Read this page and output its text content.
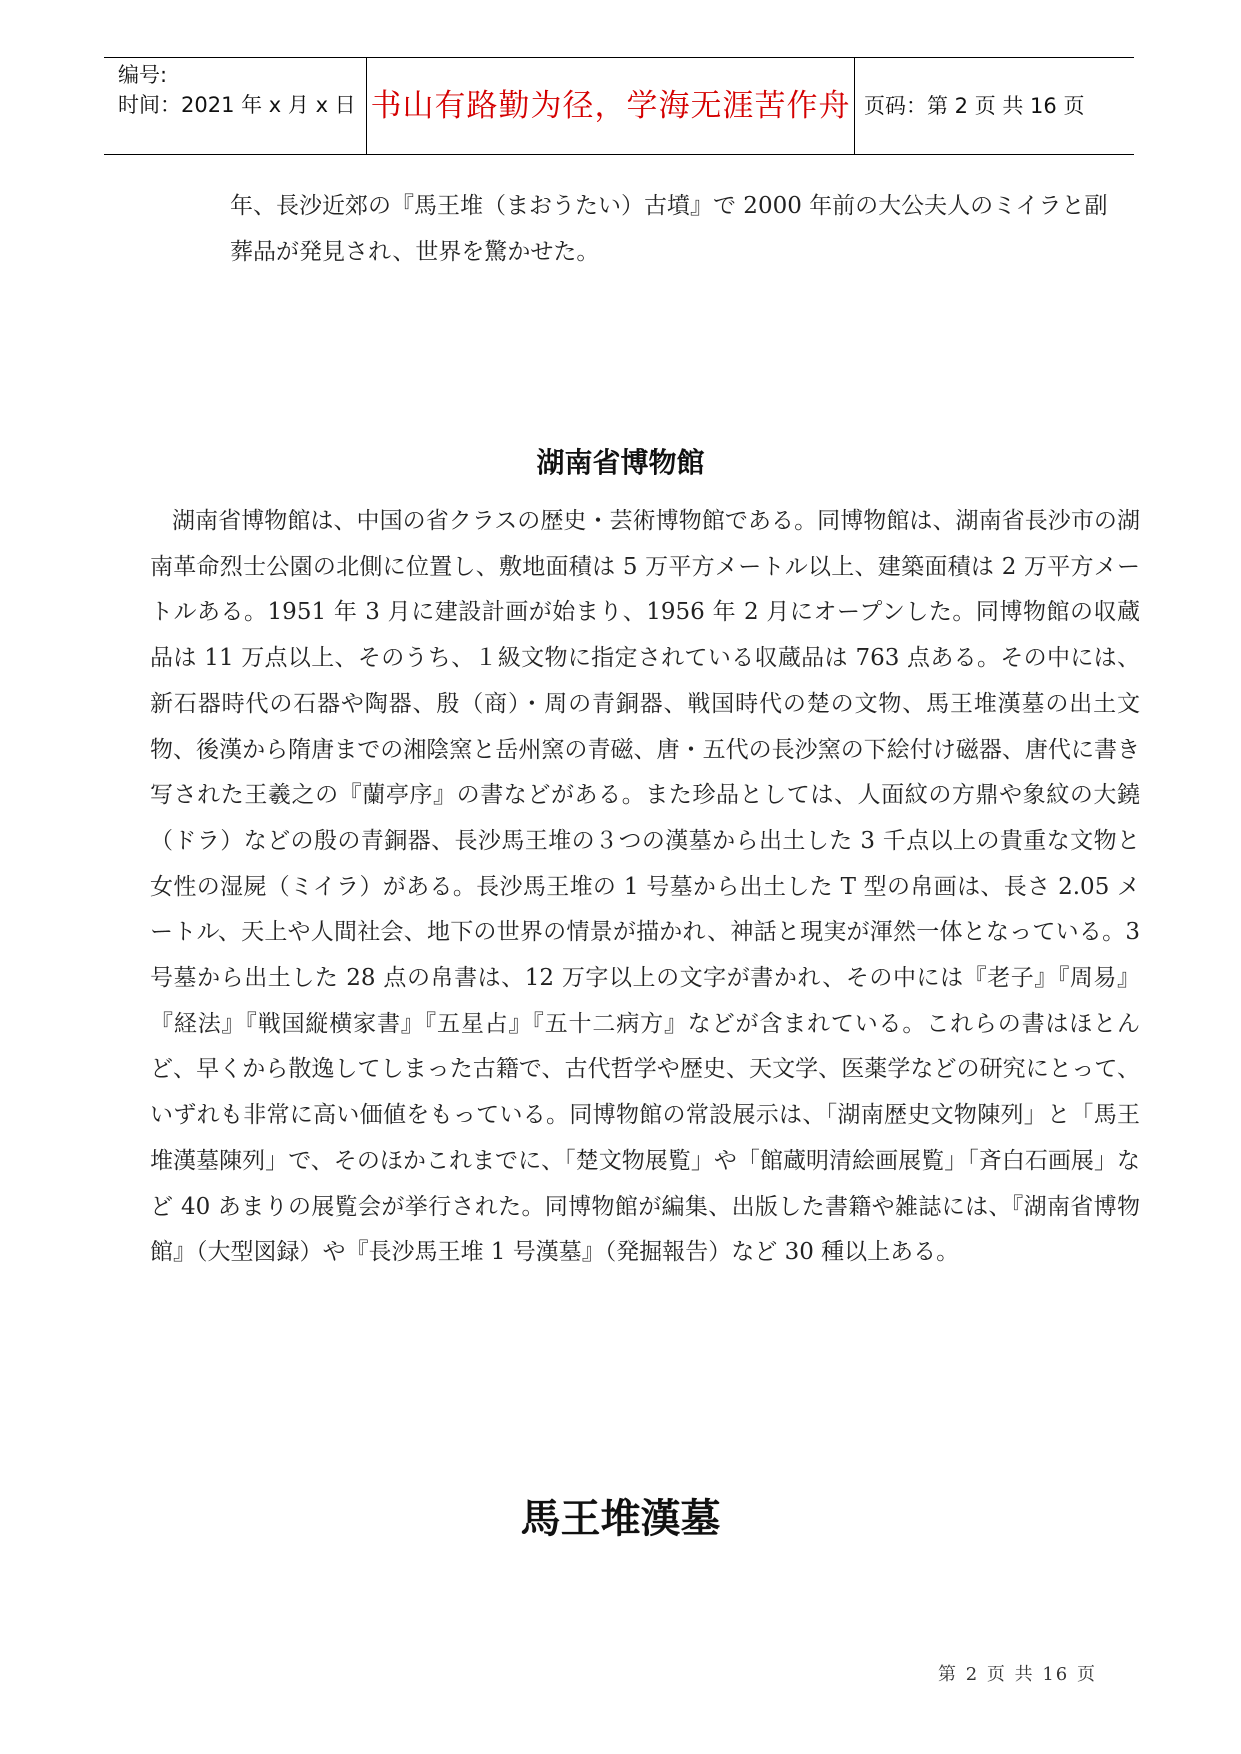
编号:
时间：2021 年 x 月 x 日 书山有路勤为径，学海无涯苦作舟 页码：第 2 页 共 16 页

年、長沙近郊の『馬王堆（まおうたい）古墳』で 2000 年前の大公夫人のミイラと副葬品が発見され、世界を驚かせた。

湖南省博物館

湖南省博物館は、中国の省クラスの歴史・芸術博物館である。同博物館は、湖南省長沙市の湖南革命烈士公園の北側に位置し、敷地面積は 5 万平方メートル以上、建築面積は 2 万平方メートルある。1951 年 3 月に建設計画が始まり、1956 年 2 月にオープンした。同博物館の収蔵品は 11 万点以上、そのうち、１級文物に指定されている収蔵品は 763 点ある。その中には、新石器時代の石器や陶器、殷（商）・周の青銅器、戦国時代の楚の文物、馬王堆漢墓の出土文物、後漢から隋唐までの湘陰窯と岳州窯の青磁、唐・五代の長沙窯の下絵付け磁器、唐代に書き写された王羲之の『蘭亭序』の書などがある。また珍品としては、人面紋の方鼎や象紋の大鐃（ドラ）などの殷の青銅器、長沙馬王堆の３つの漢墓から出土した 3 千点以上の貴重な文物と女性の湿屍（ミイラ）がある。長沙馬王堆の 1 号墓から出土した T 型の帛画は、長さ 2.05 メートル、天上や人間社会、地下の世界の情景が描かれ、神話と現実が渾然一体となっている。3 号墓から出土した 28 点の帛書は、12 万字以上の文字が書かれ、その中には『老子』『周易』『経法』『戦国縦横家書』『五星占』『五十二病方』などが含まれている。これらの書はほとんど、早くから散逸してしまった古籍で、古代哲学や歴史、天文学、医薬学などの研究にとって、いずれも非常に高い価値をもっている。同博物館の常設展示は、「湖南歴史文物陳列」と「馬王堆漢墓陳列」で、そのほかこれまでに、「楚文物展覧」や「館蔵明清絵画展覧」「斉白石画展」など 40 あまりの展覧会が挙行された。同博物館が編集、出版した書籍や雑誌には、『湖南省博物館』（大型図録）や『長沙馬王堆 1 号漢墓』（発掘報告）など 30 種以上ある。

馬王堆漢墓
第 2 页 共 16 页
